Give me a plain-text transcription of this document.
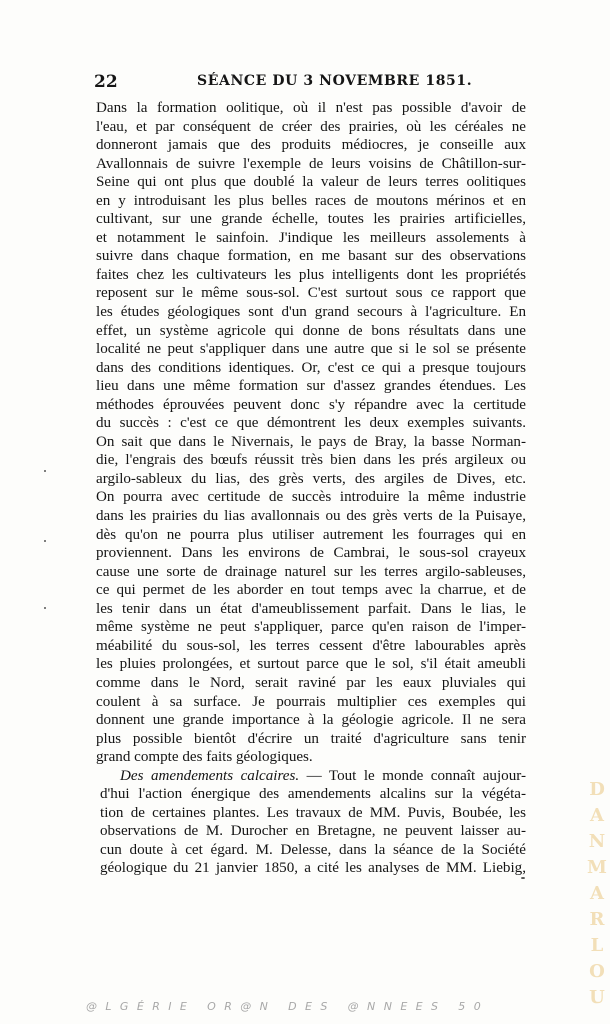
22	SÉANCE DU 3 NOVEMBRE 1851.
Dans la formation oolitique, où il n'est pas possible d'avoir de
l'eau, et par conséquent de créer des prairies, où les céréales ne
donneront jamais que des produits médiocres, je conseille aux
Avallonnais de suivre l'exemple de leurs voisins de Châtillon-sur-
Seine qui ont plus que doublé la valeur de leurs terres oolitiques
en y introduisant les plus belles races de moutons mérinos et en
cultivant, sur une grande échelle, toutes les prairies artificielles,
et notamment le sainfoin. J'indique les meilleurs assolements à
suivre dans chaque formation, en me basant sur des observations
faites chez les cultivateurs les plus intelligents dont les propriétés
reposent sur le même sous-sol. C'est surtout sous ce rapport que
les études géologiques sont d'un grand secours à l'agriculture. En
effet, un système agricole qui donne de bons résultats dans une
localité ne peut s'appliquer dans une autre que si le sol se présente
dans des conditions identiques. Or, c'est ce qui a presque toujours
lieu dans une même formation sur d'assez grandes étendues. Les
méthodes éprouvées peuvent donc s'y répandre avec la certitude
du succès : c'est ce que démontrent les deux exemples suivants.
On sait que dans le Nivernais, le pays de Bray, la basse Norman-
die, l'engrais des bœufs réussit très bien dans les prés argileux ou
argilo-sableux du lias, des grès verts, des argiles de Dives, etc.
On pourra avec certitude de succès introduire la même industrie
dans les prairies du lias avallonnais ou des grès verts de la Puisaye,
dès qu'on ne pourra plus utiliser autrement les fourrages qui en
proviennent. Dans les environs de Cambrai, le sous-sol crayeux
cause une sorte de drainage naturel sur les terres argilo-sableuses,
ce qui permet de les aborder en tout temps avec la charrue, et de
les tenir dans un état d'ameublissement parfait. Dans le lias, le
même système ne peut s'appliquer, parce qu'en raison de l'imper-
méabilité du sous-sol, les terres cessent d'être labourables après
les pluies prolongées, et surtout parce que le sol, s'il était ameubli
comme dans le Nord, serait raviné par les eaux pluviales qui
coulent à sa surface. Je pourrais multiplier ces exemples qui
donnent une grande importance à la géologie agricole. Il ne sera
plus possible bientôt d'écrire un traité d'agriculture sans tenir
grand compte des faits géologiques.
Des amendements calcaires. — Tout le monde connaît aujour-
d'hui l'action énergique des amendements alcalins sur la végéta-
tion de certaines plantes. Les travaux de MM. Puvis, Boubée, les
observations de M. Durocher en Bretagne, ne peuvent laisser au-
cun doute à cet égard. M. Delesse, dans la séance de la Société
géologique du 21 janvier 1850, a cité les analyses de MM. Liebig,
DANMARLOU
@LGÉRIE OR@N DES @NNEES 50
